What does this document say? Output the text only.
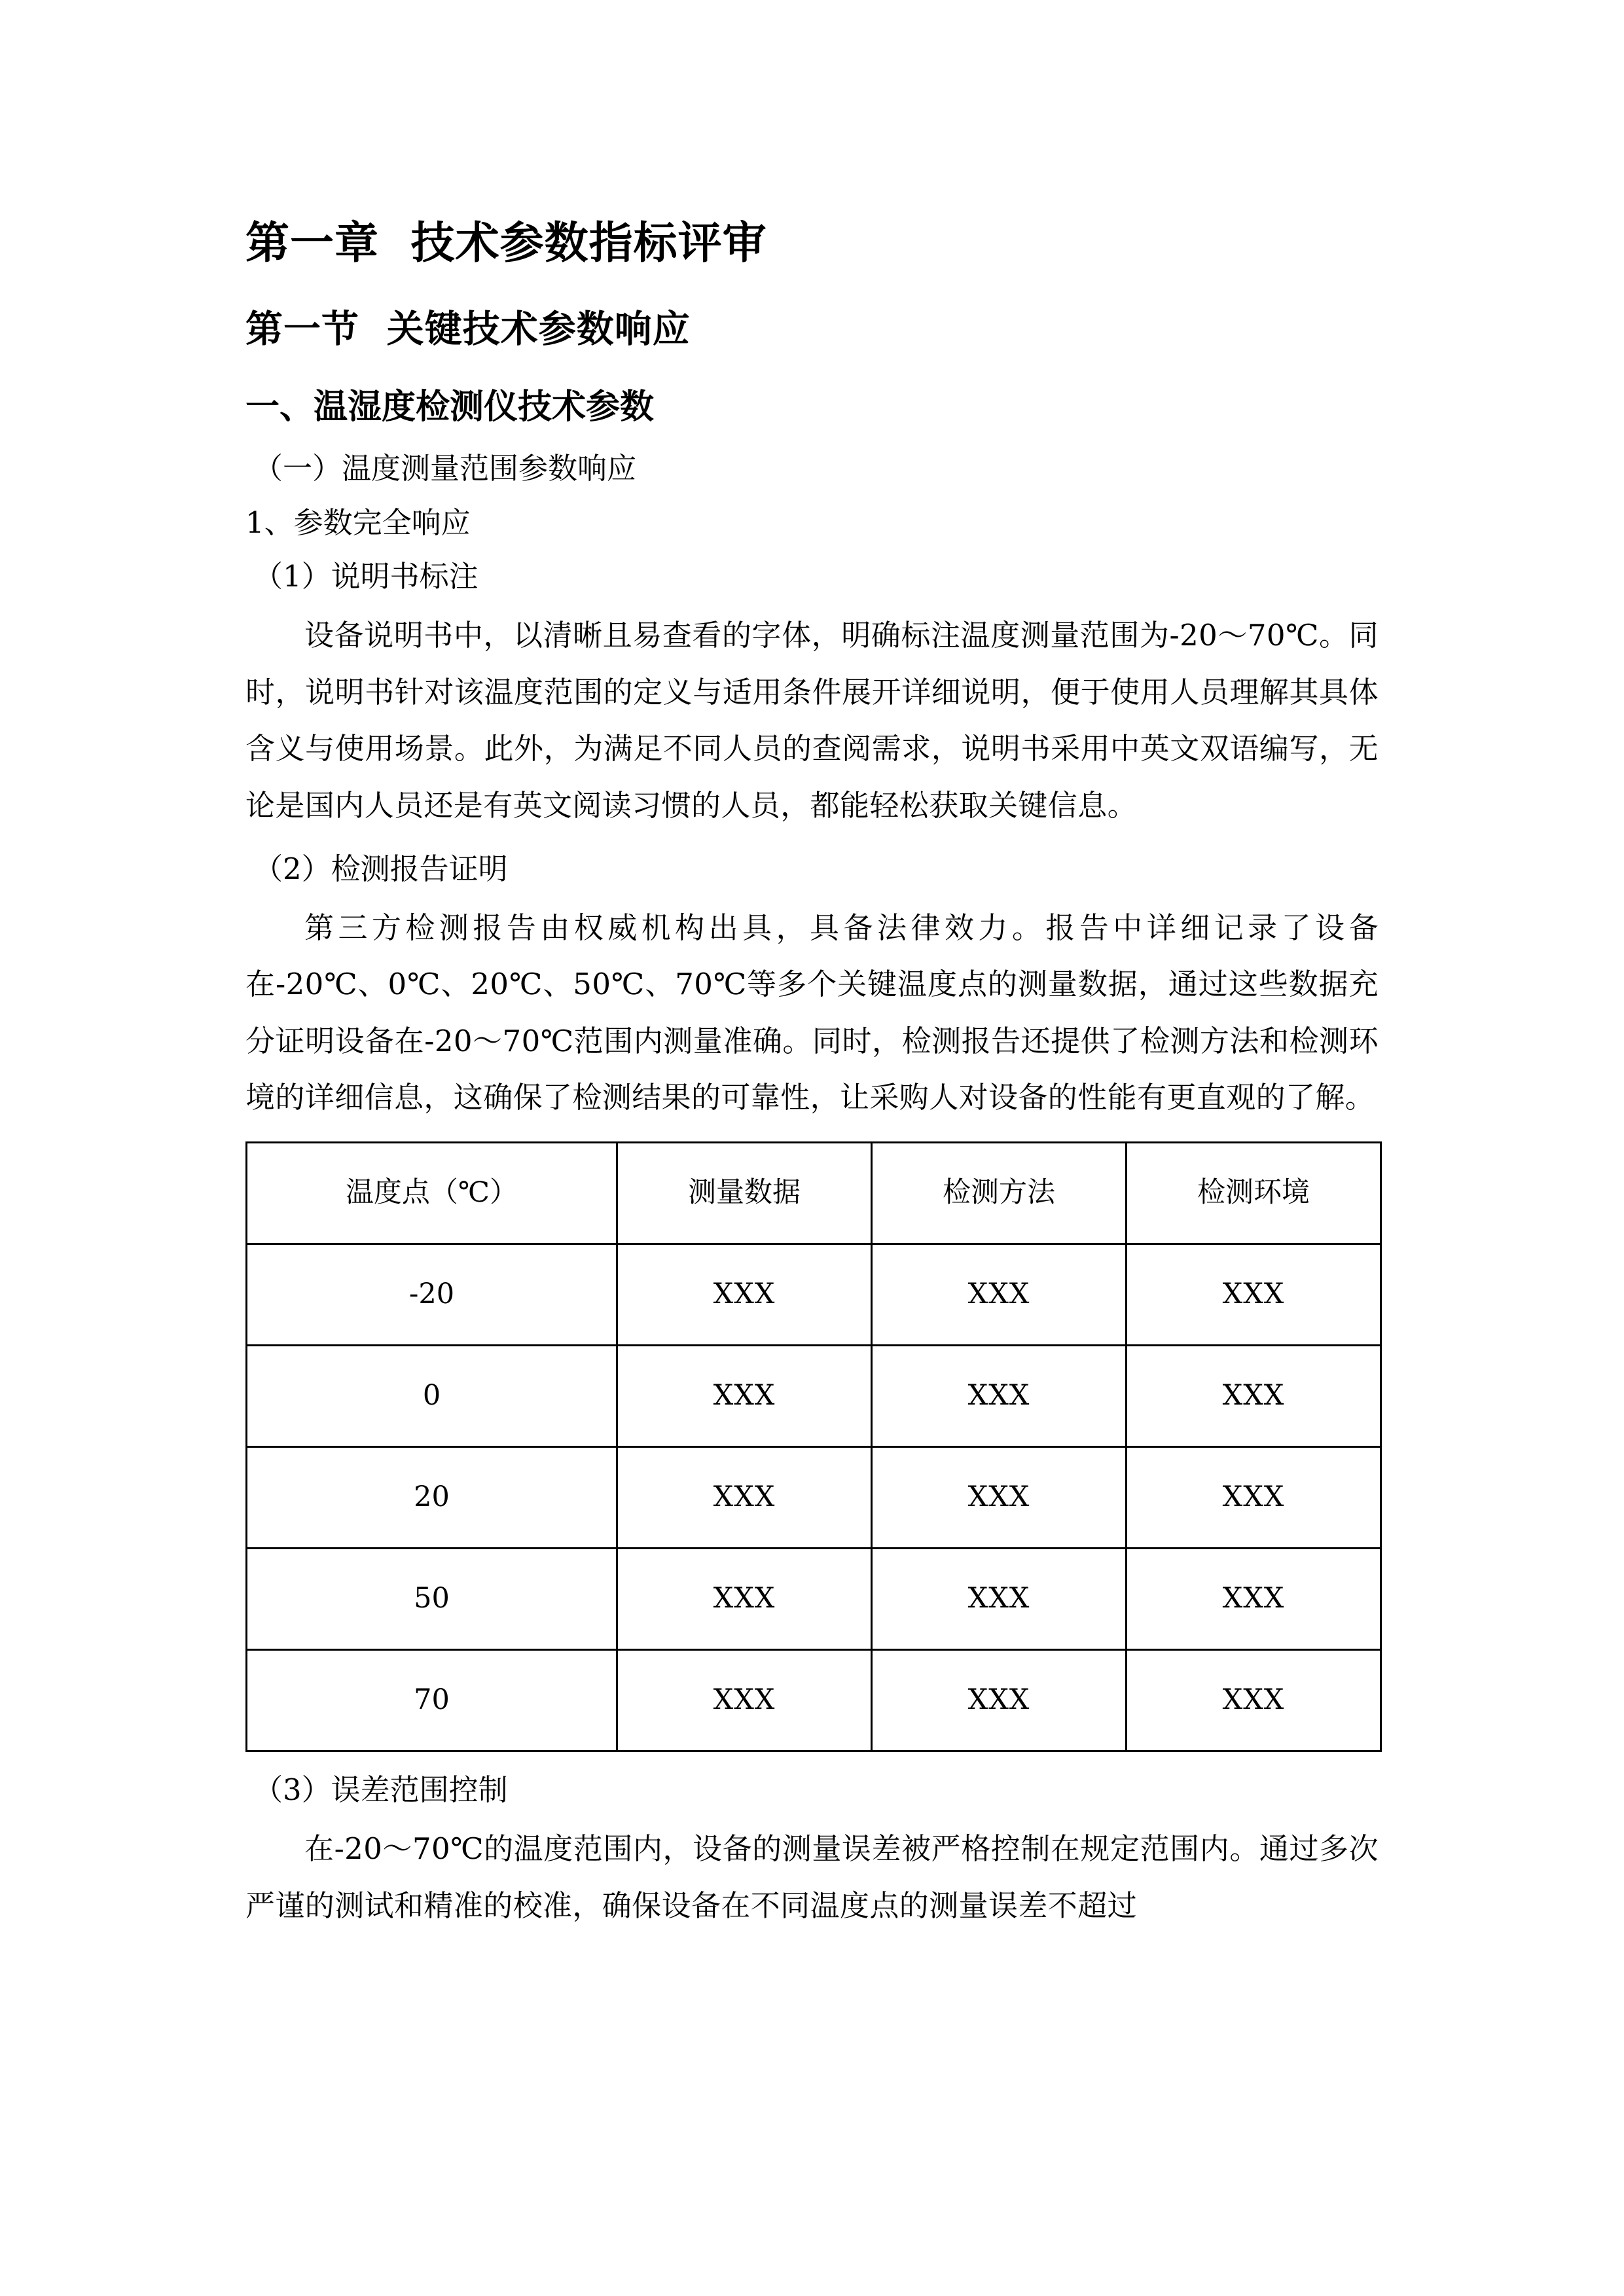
第一章  技术参数指标评审
第一节  关键技术参数响应
一、温湿度检测仪技术参数

（一）温度测量范围参数响应

1、参数完全响应

（1）说明书标注

设备说明书中，以清晰且易查看的字体，明确标注温度测量范围为-20～70℃。同时，说明书针对该温度范围的定义与适用条件展开详细说明，便于使用人员理解其具体含义与使用场景。此外，为满足不同人员的查阅需求，说明书采用中英文双语编写，无论是国内人员还是有英文阅读习惯的人员，都能轻松获取关键信息。

（2）检测报告证明

第三方检测报告由权威机构出具，具备法律效力。报告中详细记录了设备在-20℃、0℃、20℃、50℃、70℃等多个关键温度点的测量数据，通过这些数据充分证明设备在-20～70℃范围内测量准确。同时，检测报告还提供了检测方法和检测环境的详细信息，这确保了检测结果的可靠性，让采购人对设备的性能有更直观的了解。

温度点（℃）	测量数据	检测方法	检测环境
-20	XXX	XXX	XXX
0	XXX	XXX	XXX
20	XXX	XXX	XXX
50	XXX	XXX	XXX
70	XXX	XXX	XXX

（3）误差范围控制

在-20～70℃的温度范围内，设备的测量误差被严格控制在规定范围内。通过多次严谨的测试和精准的校准，确保设备在不同温度点的测量误差不超过
